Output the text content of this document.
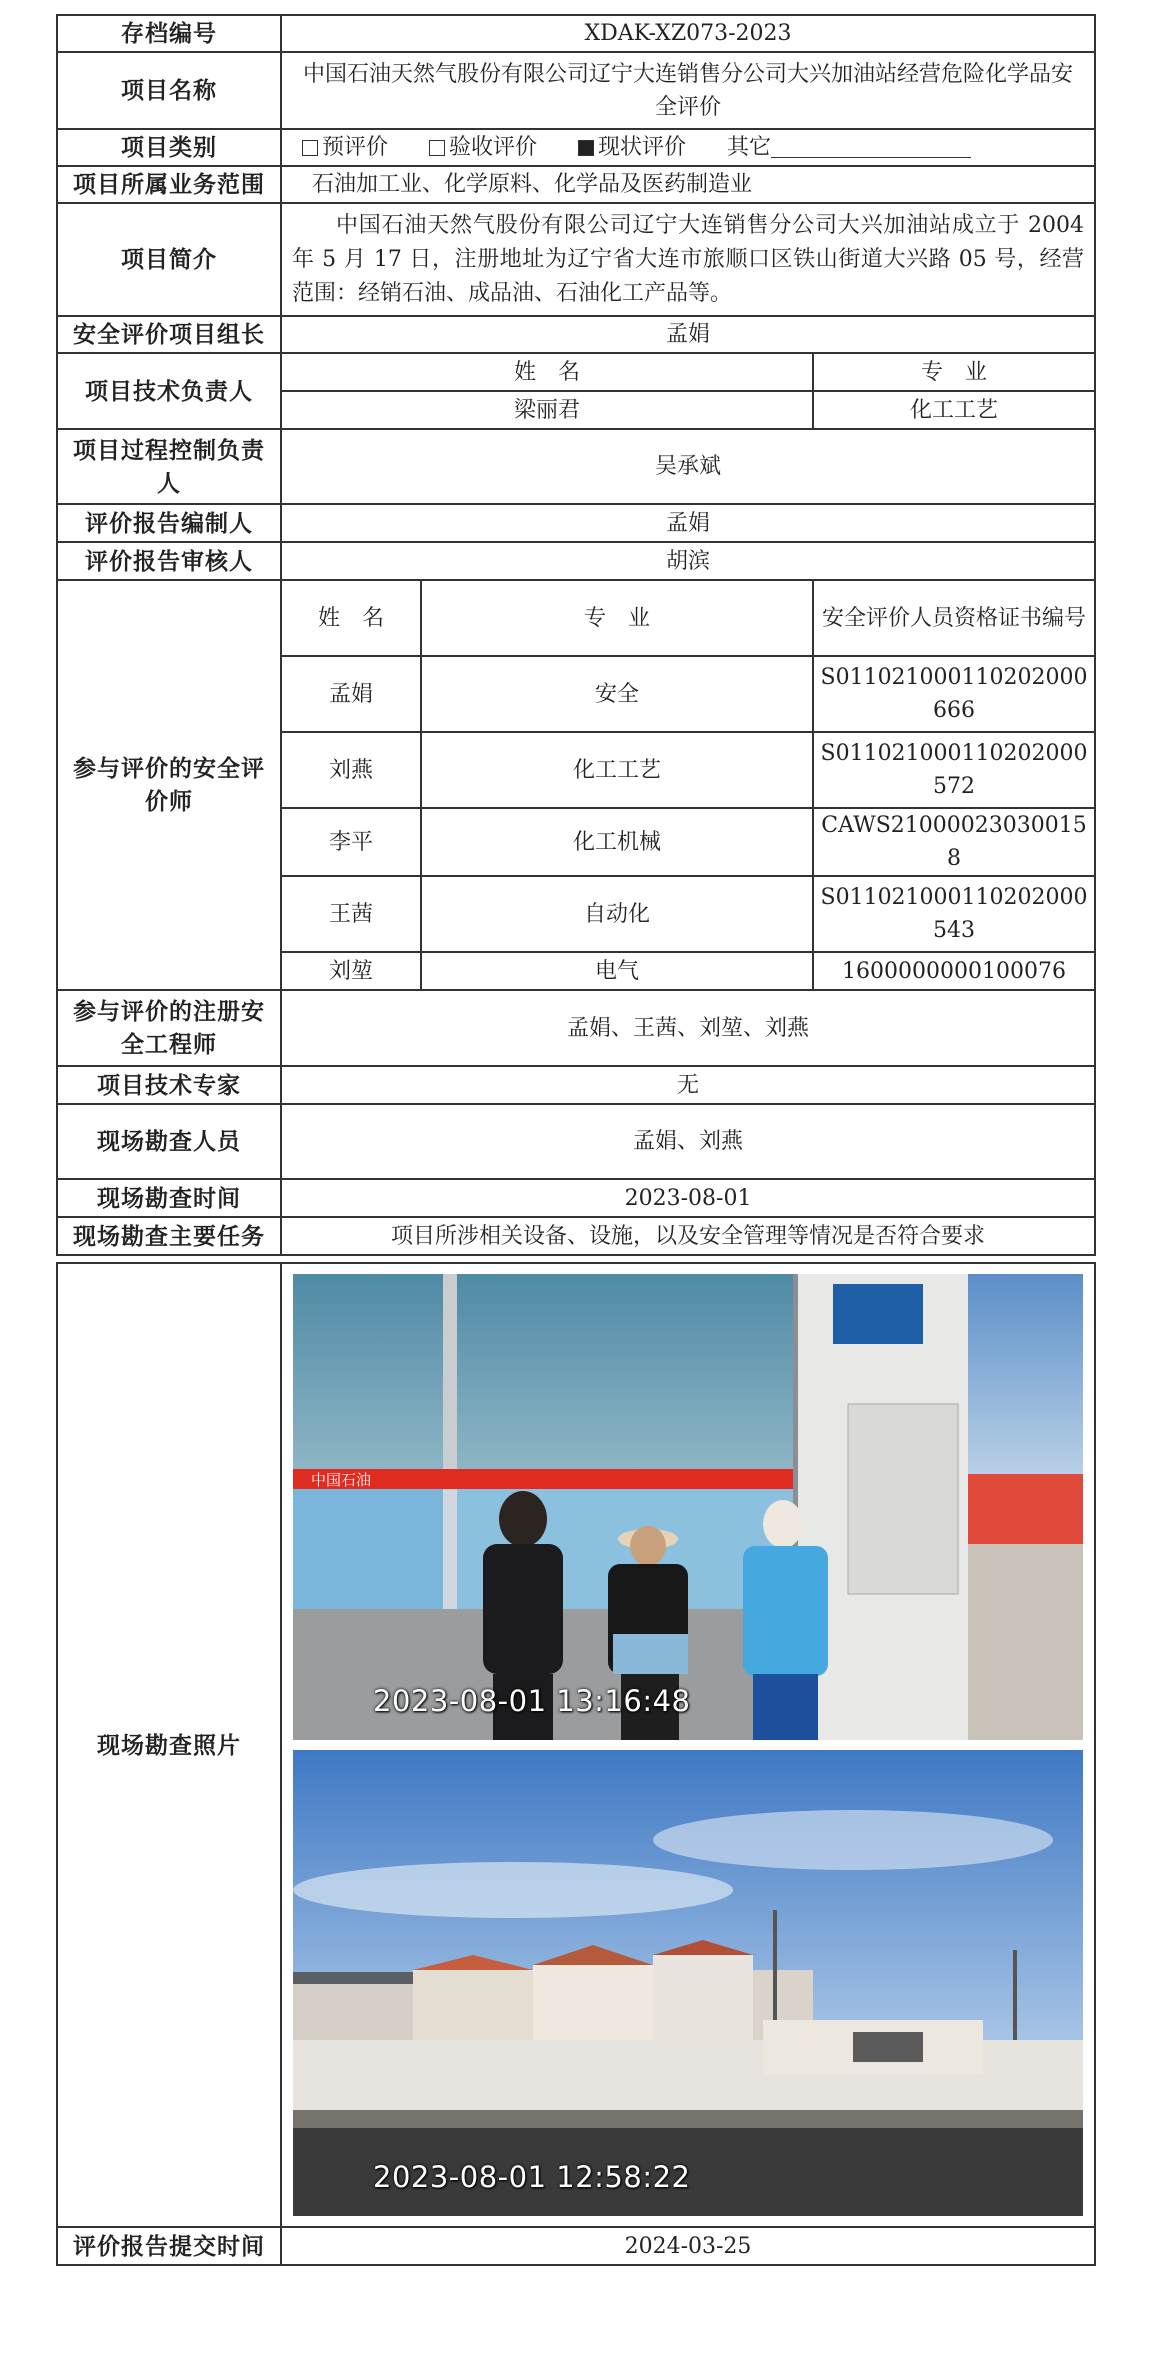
存档编号	XDAK-XZ073-2023		
项目名称	中国石油天然气股份有限公司辽宁大连销售分公司大兴加油站经营危险化学品安全评价		
项目类别	预评价 验收评价 现状评价 其它		
项目所属业务范围	石油加工业、化学原料、化学品及医药制造业		
项目简介	中国石油天然气股份有限公司辽宁大连销售分公司大兴加油站成立于 2004 年 5 月 17 日，注册地址为辽宁省大连市旅顺口区铁山街道大兴路 05 号，经营范围：经销石油、成品油、石油化工产品等。		
安全评价项目组长	孟娟		
项目技术负责人	姓　名		专　业
	梁丽君		化工工艺
项目过程控制负责人	吴承斌		
评价报告编制人	孟娟		
评价报告审核人	胡滨		
参与评价的安全评价师	姓　名	专　业	安全评价人员资格证书编号
	孟娟	安全	S011021000110202000666
	刘燕	化工工艺	S011021000110202000572
	李平	化工机械	CAWS210000230300158
	王茜	自动化	S011021000110202000543
	刘堃	电气	1600000000100076
参与评价的注册安全工程师	孟娟、王茜、刘堃、刘燕		
项目技术专家	无		
现场勘查人员	孟娟、刘燕		
现场勘查时间	2023-08-01		
现场勘查主要任务	项目所涉相关设备、设施，以及安全管理等情况是否符合要求		
现场勘查照片	中国石油
2023-08-01 13:16:48
2023-08-01 12:58:22

评价报告提交时间	2024-03-25
